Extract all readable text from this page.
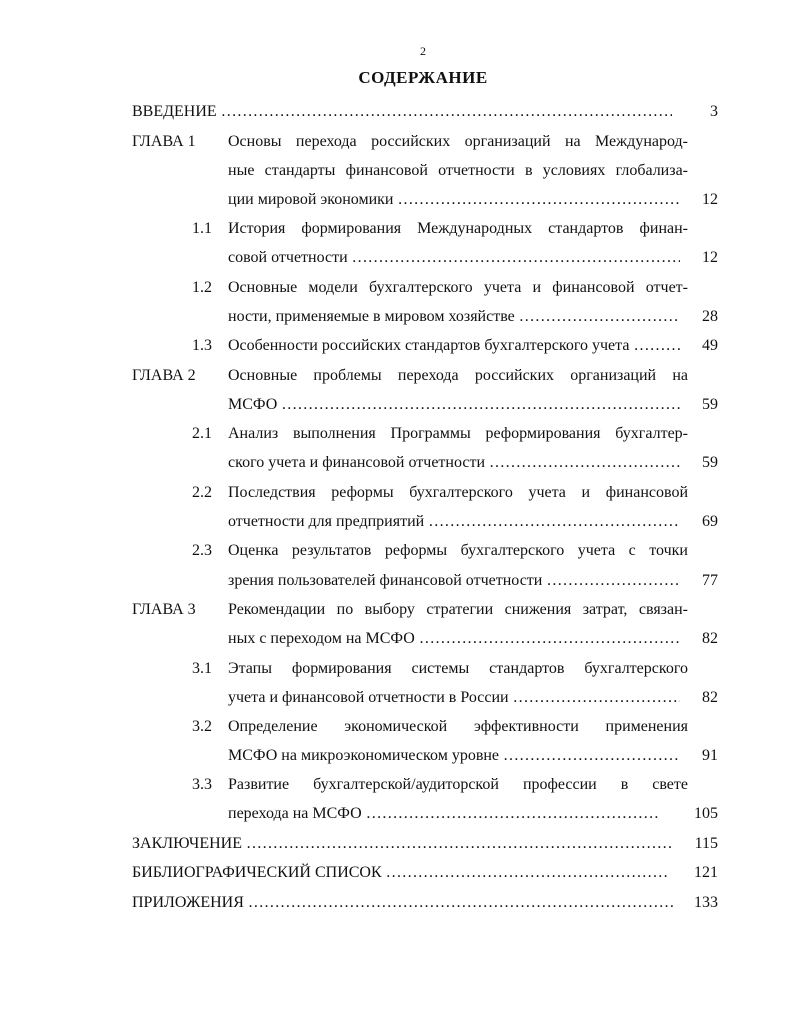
2
СОДЕРЖАНИЕ
ВВЕДЕНИЕ ……………………………………………………………………………………………………………………	3
ГЛАВА 1 Основы перехода российских организаций на Международ-
ные стандарты финансовой отчетности в условиях глобализа-
ции мировой экономики ……………………………………………………………………………………………………………………	12
1.1 История формирования Международных стандартов финан-
совой отчетности ……………………………………………………………………………………………………………………	12
1.2 Основные модели бухгалтерского учета и финансовой отчет-
ности, применяемые в мировом хозяйстве ……………………………………………………………………………………………………………………	28
1.3 Особенности российских стандартов бухгалтерского учета ……………………………………………………………………………………………………………………	49
ГЛАВА 2 Основные проблемы перехода российских организаций на
МСФО ……………………………………………………………………………………………………………………	59
2.1 Анализ выполнения Программы реформирования бухгалтер-
ского учета и финансовой отчетности ……………………………………………………………………………………………………………………	59
2.2 Последствия реформы бухгалтерского учета и финансовой
отчетности для предприятий ……………………………………………………………………………………………………………………	69
2.3 Оценка результатов реформы бухгалтерского учета с точки
зрения пользователей финансовой отчетности ……………………………………………………………………………………………………………………	77
ГЛАВА 3 Рекомендации по выбору стратегии снижения затрат, связан-
ных с переходом на МСФО ……………………………………………………………………………………………………………………	82
3.1 Этапы формирования системы стандартов бухгалтерского
учета и финансовой отчетности в России ……………………………………………………………………………………………………………………	82
3.2 Определение экономической эффективности применения
МСФО на микроэкономическом уровне ……………………………………………………………………………………………………………………	91
3.3 Развитие бухгалтерской/аудиторской профессии в свете
перехода на МСФО ……………………………………………………………………………………………………………………	105
ЗАКЛЮЧЕНИЕ ……………………………………………………………………………………………………………………	115
БИБЛИОГРАФИЧЕСКИЙ СПИСОК ……………………………………………………………………………………………………………………	121
ПРИЛОЖЕНИЯ ……………………………………………………………………………………………………………………	133
